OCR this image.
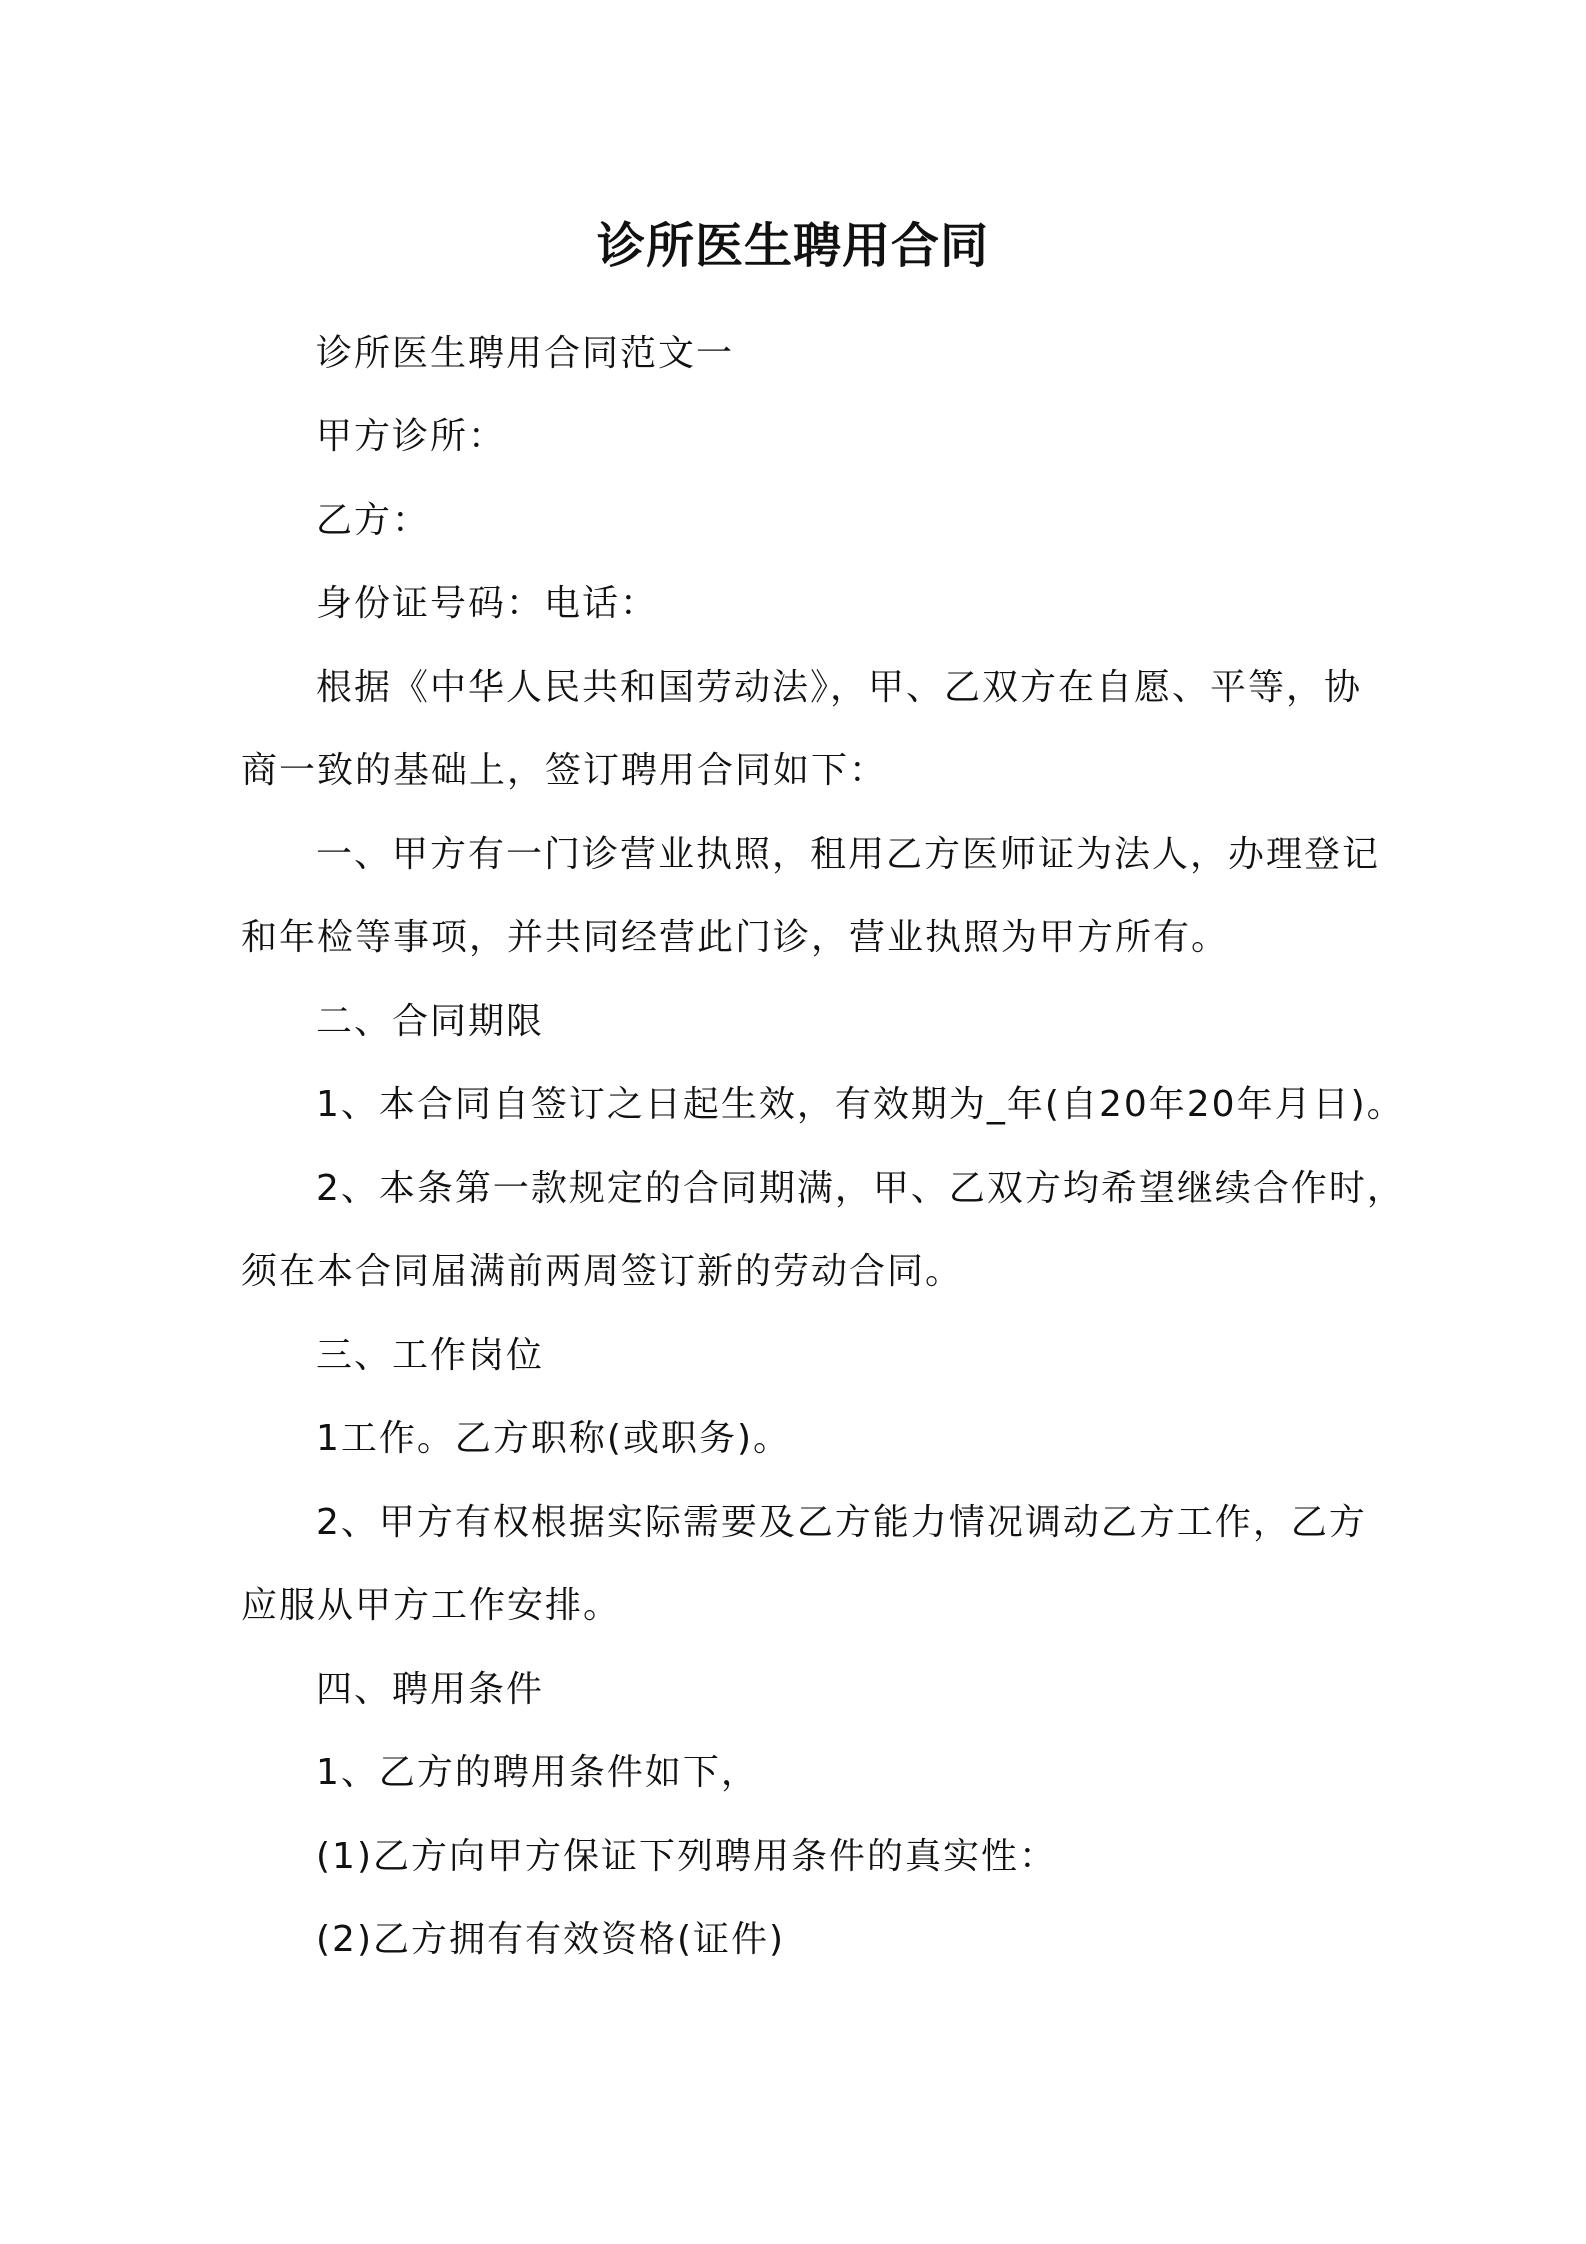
诊所医生聘用合同
诊所医生聘用合同范文一
甲方诊所：
乙方：
身份证号码：电话：
根据《中华人民共和国劳动法》，甲、乙双方在自愿、平等，协
商一致的基础上，签订聘用合同如下：
一、甲方有一门诊营业执照，租用乙方医师证为法人，办理登记
和年检等事项，并共同经营此门诊，营业执照为甲方所有。
二、合同期限
1、本合同自签订之日起生效，有效期为_年(自20年20年月日)。
2、本条第一款规定的合同期满，甲、乙双方均希望继续合作时，
须在本合同届满前两周签订新的劳动合同。
三、工作岗位
1工作。乙方职称(或职务)。
2、甲方有权根据实际需要及乙方能力情况调动乙方工作，乙方
应服从甲方工作安排。
四、聘用条件
1、乙方的聘用条件如下，
(1)乙方向甲方保证下列聘用条件的真实性：
(2)乙方拥有有效资格(证件)
